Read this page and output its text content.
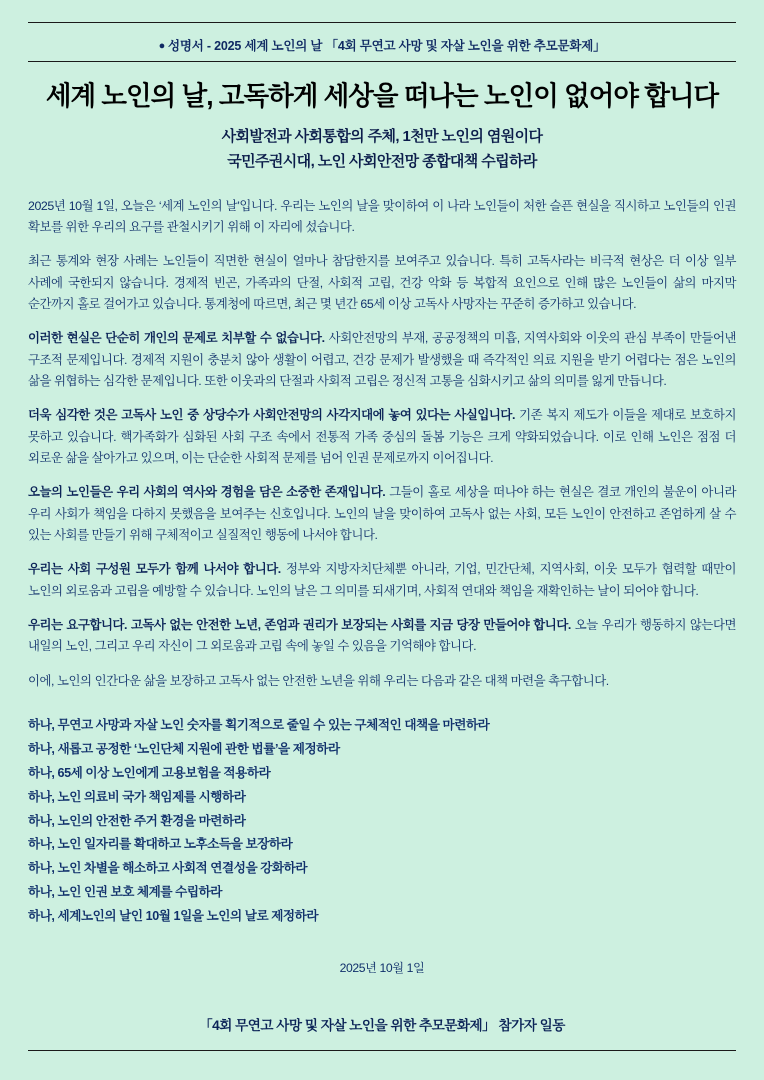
● 성명서 - 2025 세계 노인의 날 「4회 무연고 사망 및 자살 노인을 위한 추모문화제」
세계 노인의 날, 고독하게 세상을 떠나는 노인이 없어야 합니다
사회발전과 사회통합의 주체, 1천만 노인의 염원이다
국민주권시대, 노인 사회안전망 종합대책 수립하라

2025년 10월 1일, 오늘은 ‘세계 노인의 날’입니다. 우리는 노인의 날을 맞이하여 이 나라 노인들이 처한 슬픈 현실을 직시하고 노인들의 인권 확보를 위한 우리의 요구를 관철시키기 위해 이 자리에 섰습니다.

최근 통계와 현장 사례는 노인들이 직면한 현실이 얼마나 참담한지를 보여주고 있습니다. 특히 고독사라는 비극적 현상은 더 이상 일부 사례에 국한되지 않습니다. 경제적 빈곤, 가족과의 단절, 사회적 고립, 건강 악화 등 복합적 요인으로 인해 많은 노인들이 삶의 마지막 순간까지 홀로 걸어가고 있습니다. 통계청에 따르면, 최근 몇 년간 65세 이상 고독사 사망자는 꾸준히 증가하고 있습니다.

이러한 현실은 단순히 개인의 문제로 치부할 수 없습니다. 사회안전망의 부재, 공공정책의 미흡, 지역사회와 이웃의 관심 부족이 만들어낸 구조적 문제입니다. 경제적 지원이 충분치 않아 생활이 어렵고, 건강 문제가 발생했을 때 즉각적인 의료 지원을 받기 어렵다는 점은 노인의 삶을 위협하는 심각한 문제입니다. 또한 이웃과의 단절과 사회적 고립은 정신적 고통을 심화시키고 삶의 의미를 잃게 만듭니다.

더욱 심각한 것은 고독사 노인 중 상당수가 사회안전망의 사각지대에 놓여 있다는 사실입니다. 기존 복지 제도가 이들을 제대로 보호하지 못하고 있습니다. 핵가족화가 심화된 사회 구조 속에서 전통적 가족 중심의 돌봄 기능은 크게 약화되었습니다. 이로 인해 노인은 점점 더 외로운 삶을 살아가고 있으며, 이는 단순한 사회적 문제를 넘어 인권 문제로까지 이어집니다.

오늘의 노인들은 우리 사회의 역사와 경험을 담은 소중한 존재입니다. 그들이 홀로 세상을 떠나야 하는 현실은 결코 개인의 불운이 아니라 우리 사회가 책임을 다하지 못했음을 보여주는 신호입니다. 노인의 날을 맞이하여 고독사 없는 사회, 모든 노인이 안전하고 존엄하게 살 수 있는 사회를 만들기 위해 구체적이고 실질적인 행동에 나서야 합니다.

우리는 사회 구성원 모두가 함께 나서야 합니다. 정부와 지방자치단체뿐 아니라, 기업, 민간단체, 지역사회, 이웃 모두가 협력할 때만이 노인의 외로움과 고립을 예방할 수 있습니다. 노인의 날은 그 의미를 되새기며, 사회적 연대와 책임을 재확인하는 날이 되어야 합니다.

우리는 요구합니다. 고독사 없는 안전한 노년, 존엄과 권리가 보장되는 사회를 지금 당장 만들어야 합니다. 오늘 우리가 행동하지 않는다면 내일의 노인, 그리고 우리 자신이 그 외로움과 고립 속에 놓일 수 있음을 기억해야 합니다.

이에, 노인의 인간다운 삶을 보장하고 고독사 없는 안전한 노년을 위해 우리는 다음과 같은 대책 마련을 촉구합니다.

하나, 무연고 사망과 자살 노인 숫자를 획기적으로 줄일 수 있는 구체적인 대책을 마련하라
하나, 새롭고 공정한 ‘노인단체 지원에 관한 법률’을 제정하라
하나, 65세 이상 노인에게 고용보험을 적용하라
하나, 노인 의료비 국가 책임제를 시행하라
하나, 노인의 안전한 주거 환경을 마련하라
하나, 노인 일자리를 확대하고 노후소득을 보장하라
하나, 노인 차별을 해소하고 사회적 연결성을 강화하라
하나, 노인 인권 보호 체계를 수립하라
하나, 세계노인의 날인 10월 1일을 노인의 날로 제정하라
2025년 10월 1일
「4회 무연고 사망 및 자살 노인을 위한 추모문화제」 참가자 일동
